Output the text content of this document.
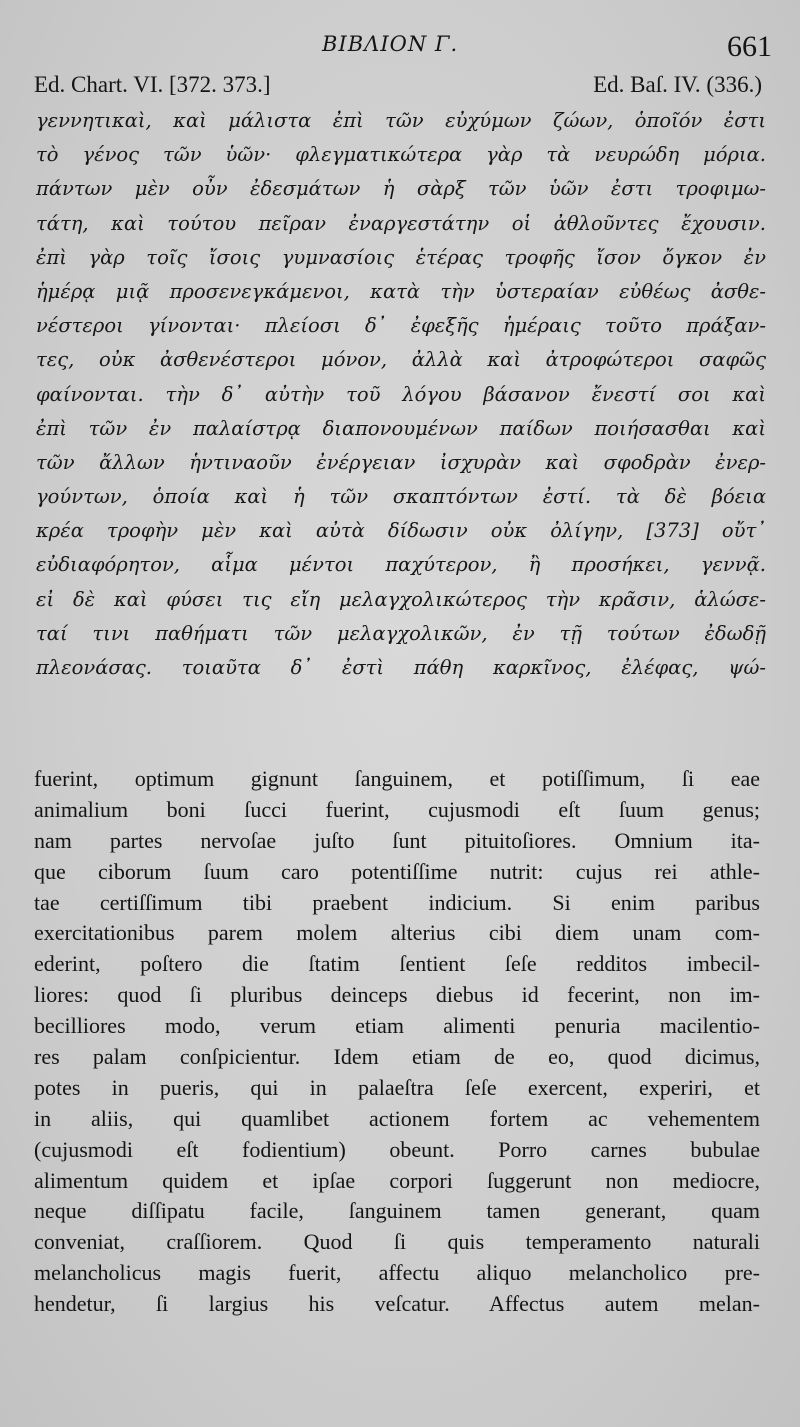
BIBΛΙΟΝ Γ.	661
Ed. Chart. VI. [372. 373.]	Ed. Baſ. IV. (336.)
γεννητικαὶ, καὶ μάλιστα ἐπὶ τῶν εὐχύμων ζώων, ὁποῖόν ἐστι
τὸ γένος τῶν ὑῶν· φλεγματικώτερα γὰρ τὰ νευρώδη μόρια.
πάντων μὲν οὖν ἐδεσμάτων ἡ σὰρξ τῶν ὑῶν ἐστι τροφιμω-
τάτη, καὶ τούτου πεῖραν ἐναργεστάτην οἱ ἀθλοῦντες ἔχουσιν.
ἐπὶ γὰρ τοῖς ἴσοις γυμνασίοις ἑτέρας τροφῆς ἴσον ὄγκον ἐν
ἡμέρᾳ μιᾷ προσενεγκάμενοι, κατὰ τὴν ὑστεραίαν εὐθέως ἀσθε-
νέστεροι γίνονται· πλείοσι δ᾽ ἐφεξῆς ἡμέραις τοῦτο πράξαν-
τες, οὐκ ἀσθενέστεροι μόνον, ἀλλὰ καὶ ἀτροφώτεροι σαφῶς
φαίνονται. τὴν δ᾽ αὐτὴν τοῦ λόγου βάσανον ἔνεστί σοι καὶ
ἐπὶ τῶν ἐν παλαίστρᾳ διαπονουμένων παίδων ποιήσασθαι καὶ
τῶν ἄλλων ἡντιναοῦν ἐνέργειαν ἰσχυρὰν καὶ σφοδρὰν ἐνερ-
γούντων, ὁποία καὶ ἡ τῶν σκαπτόντων ἐστί. τὰ δὲ βόεια
κρέα τροφὴν μὲν καὶ αὐτὰ δίδωσιν οὐκ ὀλίγην, [373] οὔτ᾽
εὐδιαφόρητον, αἷμα μέντοι παχύτερον, ἢ προσήκει, γεννᾷ.
εἰ δὲ καὶ φύσει τις εἴη μελαγχολικώτερος τὴν κρᾶσιν, ἁλώσε-
ταί τινι παθήματι τῶν μελαγχολικῶν, ἐν τῇ τούτων ἐδωδῇ
πλεονάσας. τοιαῦτα δ᾽ ἐστὶ πάθη καρκῖνος, ἐλέφας, ψώ-
fuerint, optimum gignunt ſanguinem, et potiſſimum, ſi eae
animalium boni ſucci fuerint, cujusmodi eſt ſuum genus;
nam partes nervoſae juſto ſunt pituitoſiores. Omnium ita-
que ciborum ſuum caro potentiſſime nutrit: cujus rei athle-
tae certiſſimum tibi praebent indicium. Si enim paribus
exercitationibus parem molem alterius cibi diem unam com-
ederint, poſtero die ſtatim ſentient ſeſe redditos imbecil-
liores: quod ſi pluribus deinceps diebus id fecerint, non im-
becilliores modo, verum etiam alimenti penuria macilentio-
res palam conſpicientur. Idem etiam de eo, quod dicimus,
potes in pueris, qui in palaeſtra ſeſe exercent, experiri, et
in aliis, qui quamlibet actionem fortem ac vehementem
(cujusmodi eſt fodientium) obeunt. Porro carnes bubulae
alimentum quidem et ipſae corpori ſuggerunt non mediocre,
neque diſſipatu facile, ſanguinem tamen generant, quam
conveniat, craſſiorem. Quod ſi quis temperamento naturali
melancholicus magis fuerit, affectu aliquo melancholico pre-
hendetur, ſi largius his veſcatur. Affectus autem melan-
